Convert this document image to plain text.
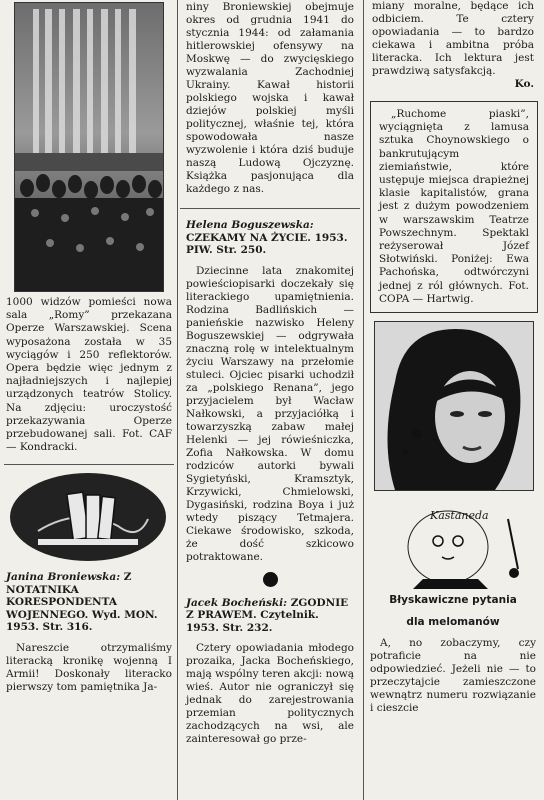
1000 widzów pomieści nowa sala „Romy” przekazana Operze Warszawskiej. Scena wyposażona została w 35 wyciągów i 250 reflektorów. Opera będzie więc jednym z najładniejszych i najlepiej urządzonych teatrów Stolicy. Na zdjęciu: uroczystość przekazywania Operze przebudowanej sali. Fot. CAF — Kondracki.

Janina Broniewska: Z NOTATNIKA KORESPONDENTA WOJENNEGO. Wyd. MON. 1953. Str. 316.

Nareszcie otrzymaliśmy literacką kronikę wojenną I Armii! Doskonały literacko pierwszy tom pamiętnika Ja-

niny Broniewskiej obejmuje okres od grudnia 1941 do stycznia 1944: od załamania hitlerowskiej ofensywy na Moskwę — do zwycięskiego wyzwalania Zachodniej Ukrainy. Kawał historii polskiego wojska i kawał dziejów polskiej myśli politycznej, właśnie tej, która spowodowała nasze wyzwolenie i która dziś buduje naszą Ludową Ojczyznę. Książka pasjonująca dla każdego z nas.

Helena Boguszewska: CZEKAMY NA ŻYCIE. 1953. PIW. Str. 250.

Dziecinne lata znakomitej powieściopisarki doczekały się literackiego upamiętnienia. Rodzina Badlińskich — panieńskie nazwisko Heleny Boguszewskiej — odgrywała znaczną rolę w intelektualnym życiu Warszawy na przełomie stuleci. Ojciec pisarki uchodził za „polskiego Renana”, jego przyjacielem był Wacław Nałkowski, a przyjaciółką i towarzyszką zabaw małej Helenki — jej rówieśniczka, Zofia Nałkowska. W domu rodziców autorki bywali Sygietyński, Kramsztyk, Krzywicki, Chmielowski, Dygasiński, rodzina Boya i już wtedy piszący Tetmajera. Ciekawe środowisko, szkoda, że dość szkicowo potraktowane.

Jacek Bocheński: ZGODNIE Z PRAWEM. Czytelnik. 1953. Str. 232.

Cztery opowiadania młodego prozaika, Jacka Bocheńskiego, mają wspólny teren akcji: nową wieś. Autor nie ograniczył się jednak do zarejestrowania przemian politycznych zachodzących na wsi, ale zainteresował go prze-

miany moralne, będące ich odbiciem. Te cztery opowiadania — to bardzo ciekawa i ambitna próba literacka. Ich lektura jest prawdziwą satysfakcją.

Ko.

„Ruchome piaski”, wyciągnięta z lamusa sztuka Choynowskiego o bankrutującym ziemiaństwie, które ustępuje miejsca drapieżnej klasie kapitalistów, grana jest z dużym powodzeniem w warszawskim Teatrze Powszechnym. Spektakl reżyserował Józef Słotwiński. Poniżej: Ewa Pachońska, odtwórczyni jednej z ról głównych. Fot. COPA — Hartwig.

Kastaneda
Błyskawiczne pytania
dla melomanów

A, no zobaczymy, czy potraficie na nie odpowiedzieć. Jeżeli nie — to przeczytajcie zamieszczone wewnątrz numeru rozwiązanie i cieszcie
